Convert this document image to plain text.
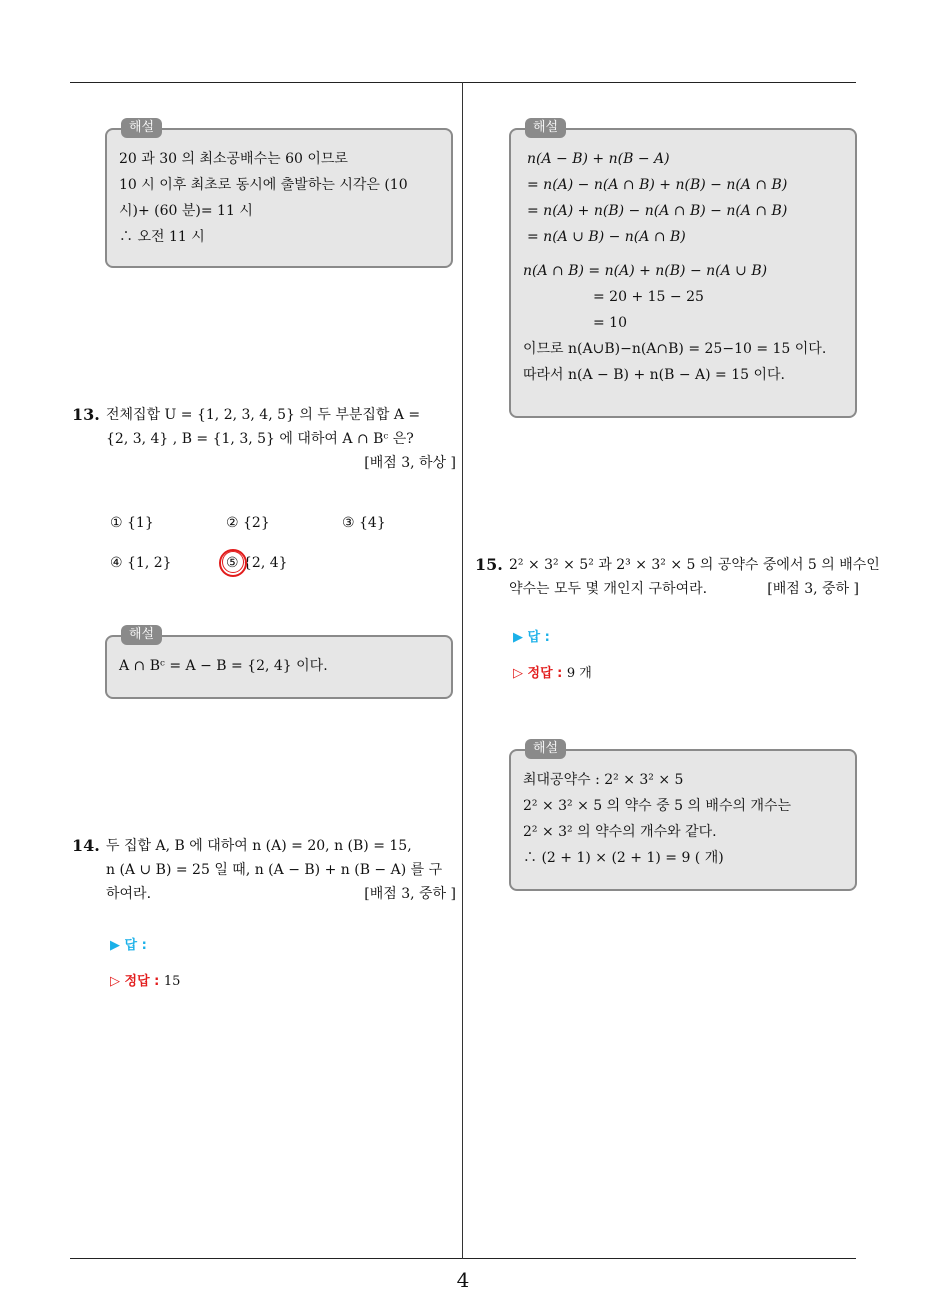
해설
20 과 30 의 최소공배수는 60 이므로
10 시 이후 최초로 동시에 출발하는 시각은 (10
시)+ (60 분)= 11 시
∴ 오전 11 시
13. 전체집합 U = {1, 2, 3, 4, 5} 의 두 부분집합 A =
{2, 3, 4} , B = {1, 3, 5} 에 대하여 A ∩ Bᶜ 은?
[배점 3, 하상 ]
① {1}	② {2}	③ {4}
④ {1, 2}	⑤ {2, 4}
해설
A ∩ Bᶜ = A − B = {2, 4} 이다.
14. 두 집합 A, B 에 대하여 n (A) = 20, n (B) = 15,
n (A ∪ B) = 25 일 때, n (A − B) + n (B − A) 를 구
하여라.	[배점 3, 중하 ]
▶ 답 :
▷ 정답 : 15
해설
n(A − B) + n(B − A)
= n(A) − n(A ∩ B) + n(B) − n(A ∩ B)
= n(A) + n(B) − n(A ∩ B) − n(A ∩ B)
= n(A ∪ B) − n(A ∩ B)
n(A ∩ B) = n(A) + n(B) − n(A ∪ B)
= 20 + 15 − 25
= 10
이므로 n(A∪B)−n(A∩B) = 25−10 = 15 이다.
따라서 n(A − B) + n(B − A) = 15 이다.
15. 2² × 3² × 5² 과 2³ × 3² × 5 의 공약수 중에서 5 의 배수인
약수는 모두 몇 개인지 구하여라.	[배점 3, 중하 ]
▶ 답 :
▷ 정답 : 9 개
해설
최대공약수 : 2² × 3² × 5
2² × 3² × 5 의 약수 중 5 의 배수의 개수는
2² × 3² 의 약수의 개수와 같다.
∴ (2 + 1) × (2 + 1) = 9 ( 개)
4
